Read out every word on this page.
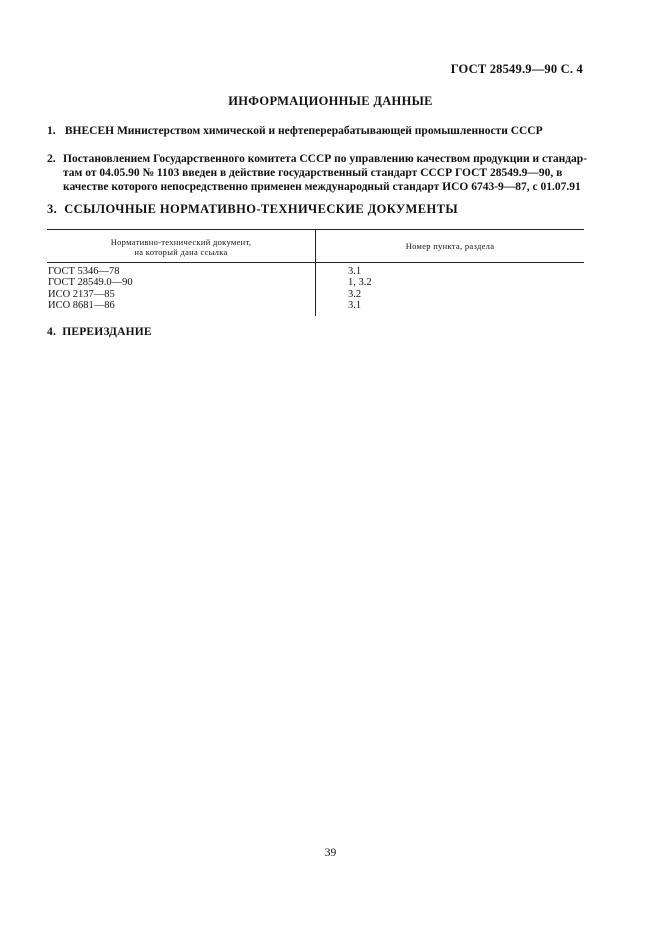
ГОСТ 28549.9—90 С. 4
ИНФОРМАЦИОННЫЕ ДАННЫЕ
1. ВНЕСЕН Министерством химической и нефтеперерабатывающей промышленности СССР
2. Постановлением Государственного комитета СССР по управлению качеством продукции и стандар-
там от 04.05.90 № 1103 введен в действие государственный стандарт СССР ГОСТ 28549.9—90, в
качестве которого непосредственно применен международный стандарт ИСО 6743-9—87, с 01.07.91
3. ССЫЛОЧНЫЕ НОРМАТИВНО-ТЕХНИЧЕСКИЕ ДОКУМЕНТЫ
Нормативно-технический документ,
на который дана ссылка
Номер пункта, раздела
ГОСТ 5346—78
ГОСТ 28549.0—90
ИСО 2137—85
ИСО 8681—86
3.1
1, 3.2
3.2
3.1
4. ПЕРЕИЗДАНИЕ
39
